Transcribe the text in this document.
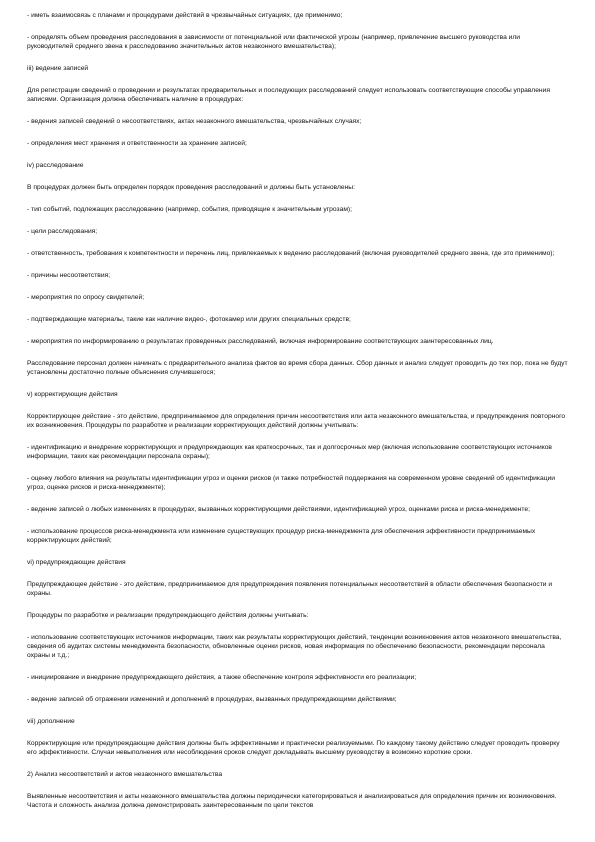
- иметь взаимосвязь с планами и процедурами действий в чрезвычайных ситуациях, где применимо;

- определять объем проведения расследования в зависимости от потенциальной или фактической угрозы (например, привлечение высшего руководства или руководителей среднего звена к расследованию значительных актов незаконного вмешательства);

iii) ведение записей

Для регистрации сведений о проведении и результатах предварительных и последующих расследований следует использовать соответствующие способы управления записями. Организация должна обеспечивать наличие в процедурах:

- ведения записей сведений о несоответствиях, актах незаконного вмешательства, чрезвычайных случаях;

- определения мест хранения и ответственности за хранение записей;

iv) расследование

В процедурах должен быть определен порядок проведения расследований и должны быть установлены:

- тип событий, подлежащих расследованию (например, события, приводящие к значительным угрозам);

- цели расследования;

- ответственность, требования к компетентности и перечень лиц, привлекаемых к ведению расследований (включая руководителей среднего звена, где это применимо);

- причины несоответствия;

- мероприятия по опросу свидетелей;

- подтверждающие материалы, такие как наличие видео-, фотокамер или других специальных средств;

- мероприятия по информированию о результатах проведенных расследований, включая информирование соответствующих заинтересованных лиц.

Расследование персонал должен начинать с предварительного анализа фактов во время сбора данных. Сбор данных и анализ следует проводить до тех пор, пока не будут установлены достаточно полные объяснения случившегося;

v) корректирующие действия

Корректирующее действие - это действие, предпринимаемое для определения причин несоответствия или акта незаконного вмешательства, и предупреждения повторного их возникновения. Процедуры по разработке и реализации корректирующих действий должны учитывать:

- идентификацию и внедрение корректирующих и предупреждающих как краткосрочных, так и долгосрочных мер (включая использование соответствующих источников информации, таких как рекомендации персонала охраны);

- оценку любого влияния на результаты идентификации угроз и оценки рисков (и также потребностей поддержания на современном уровне сведений об идентификации угроз, оценке рисков и риска-менеджменте);

- ведение записей о любых изменениях в процедурах, вызванных корректирующими действиями, идентификацией угроз, оценками риска и риска-менеджменте;

- использование процессов риска-менеджмента или изменение существующих процедур риска-менеджмента для обеспечения эффективности предпринимаемых корректирующих действий;

vi) предупреждающие действия

Предупреждающее действие - это действие, предпринимаемое для предупреждения появления потенциальных несоответствий в области обеспечения безопасности и охраны.

Процедуры по разработке и реализации предупреждающего действия должны учитывать:

- использование соответствующих источников информации, таких как результаты корректирующих действий, тенденции возникновения актов незаконного вмешательства, сведения об аудитах системы менеджмента безопасности, обновленные оценки рисков, новая информация по обеспечению безопасности, рекомендации персонала охраны и т.д.;

- инициирование и внедрение предупреждающего действия, а также обеспечение контроля эффективности его реализации;

- ведение записей об отражении изменений и дополнений в процедурах, вызванных предупреждающими действиями;

vii) дополнение

Корректирующие или предупреждающие действия должны быть эффективными и практически реализуемыми. По каждому такому действию следует проводить проверку его эффективности. Случаи невыполнения или несоблюдения сроков следует докладывать высшему руководству в возможно короткие сроки.

2) Анализ несоответствий и актов незаконного вмешательства

Выявленные несоответствия и акты незаконного вмешательства должны периодически категорироваться и анализироваться для определения причин их возникновения. Частота и сложность анализа должна демонстрировать заинтересованным по цели текстов
